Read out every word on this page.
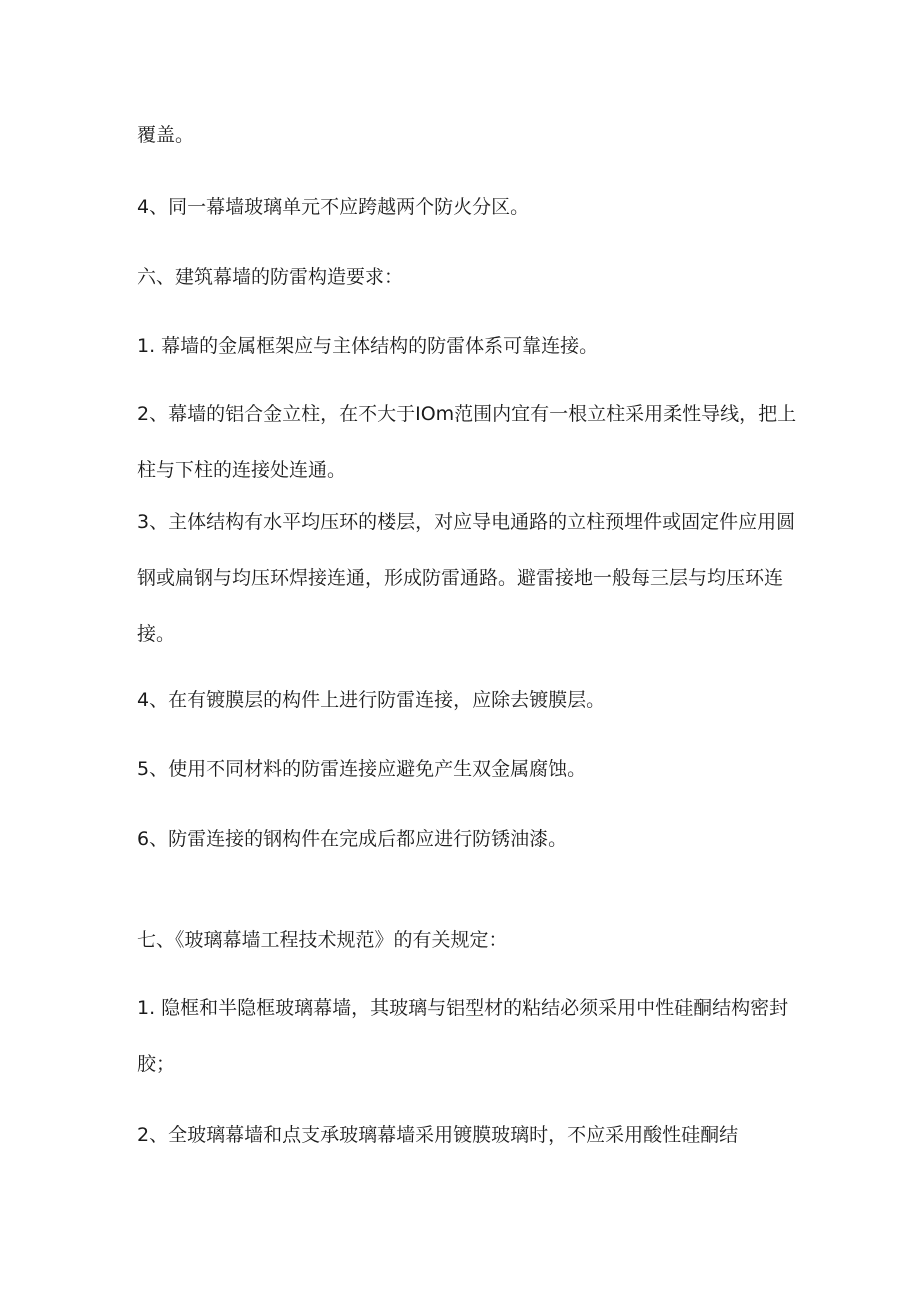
覆盖。

4、同一幕墙玻璃单元不应跨越两个防火分区。

六、建筑幕墙的防雷构造要求：

1. 幕墙的金属框架应与主体结构的防雷体系可靠连接。

2、幕墙的铝合金立柱，在不大于IOm范围内宜有一根立柱采用柔性导线，把上柱与下柱的连接处连通。

3、主体结构有水平均压环的楼层，对应导电通路的立柱预埋件或固定件应用圆钢或扁钢与均压环焊接连通，形成防雷通路。避雷接地一般每三层与均压环连接。

4、在有镀膜层的构件上进行防雷连接，应除去镀膜层。

5、使用不同材料的防雷连接应避免产生双金属腐蚀。

6、防雷连接的钢构件在完成后都应进行防锈油漆。

七、《玻璃幕墙工程技术规范》的有关规定：

1. 隐框和半隐框玻璃幕墙，其玻璃与铝型材的粘结必须采用中性硅酮结构密封胶；

2、全玻璃幕墙和点支承玻璃幕墙采用镀膜玻璃时，不应采用酸性硅酮结
